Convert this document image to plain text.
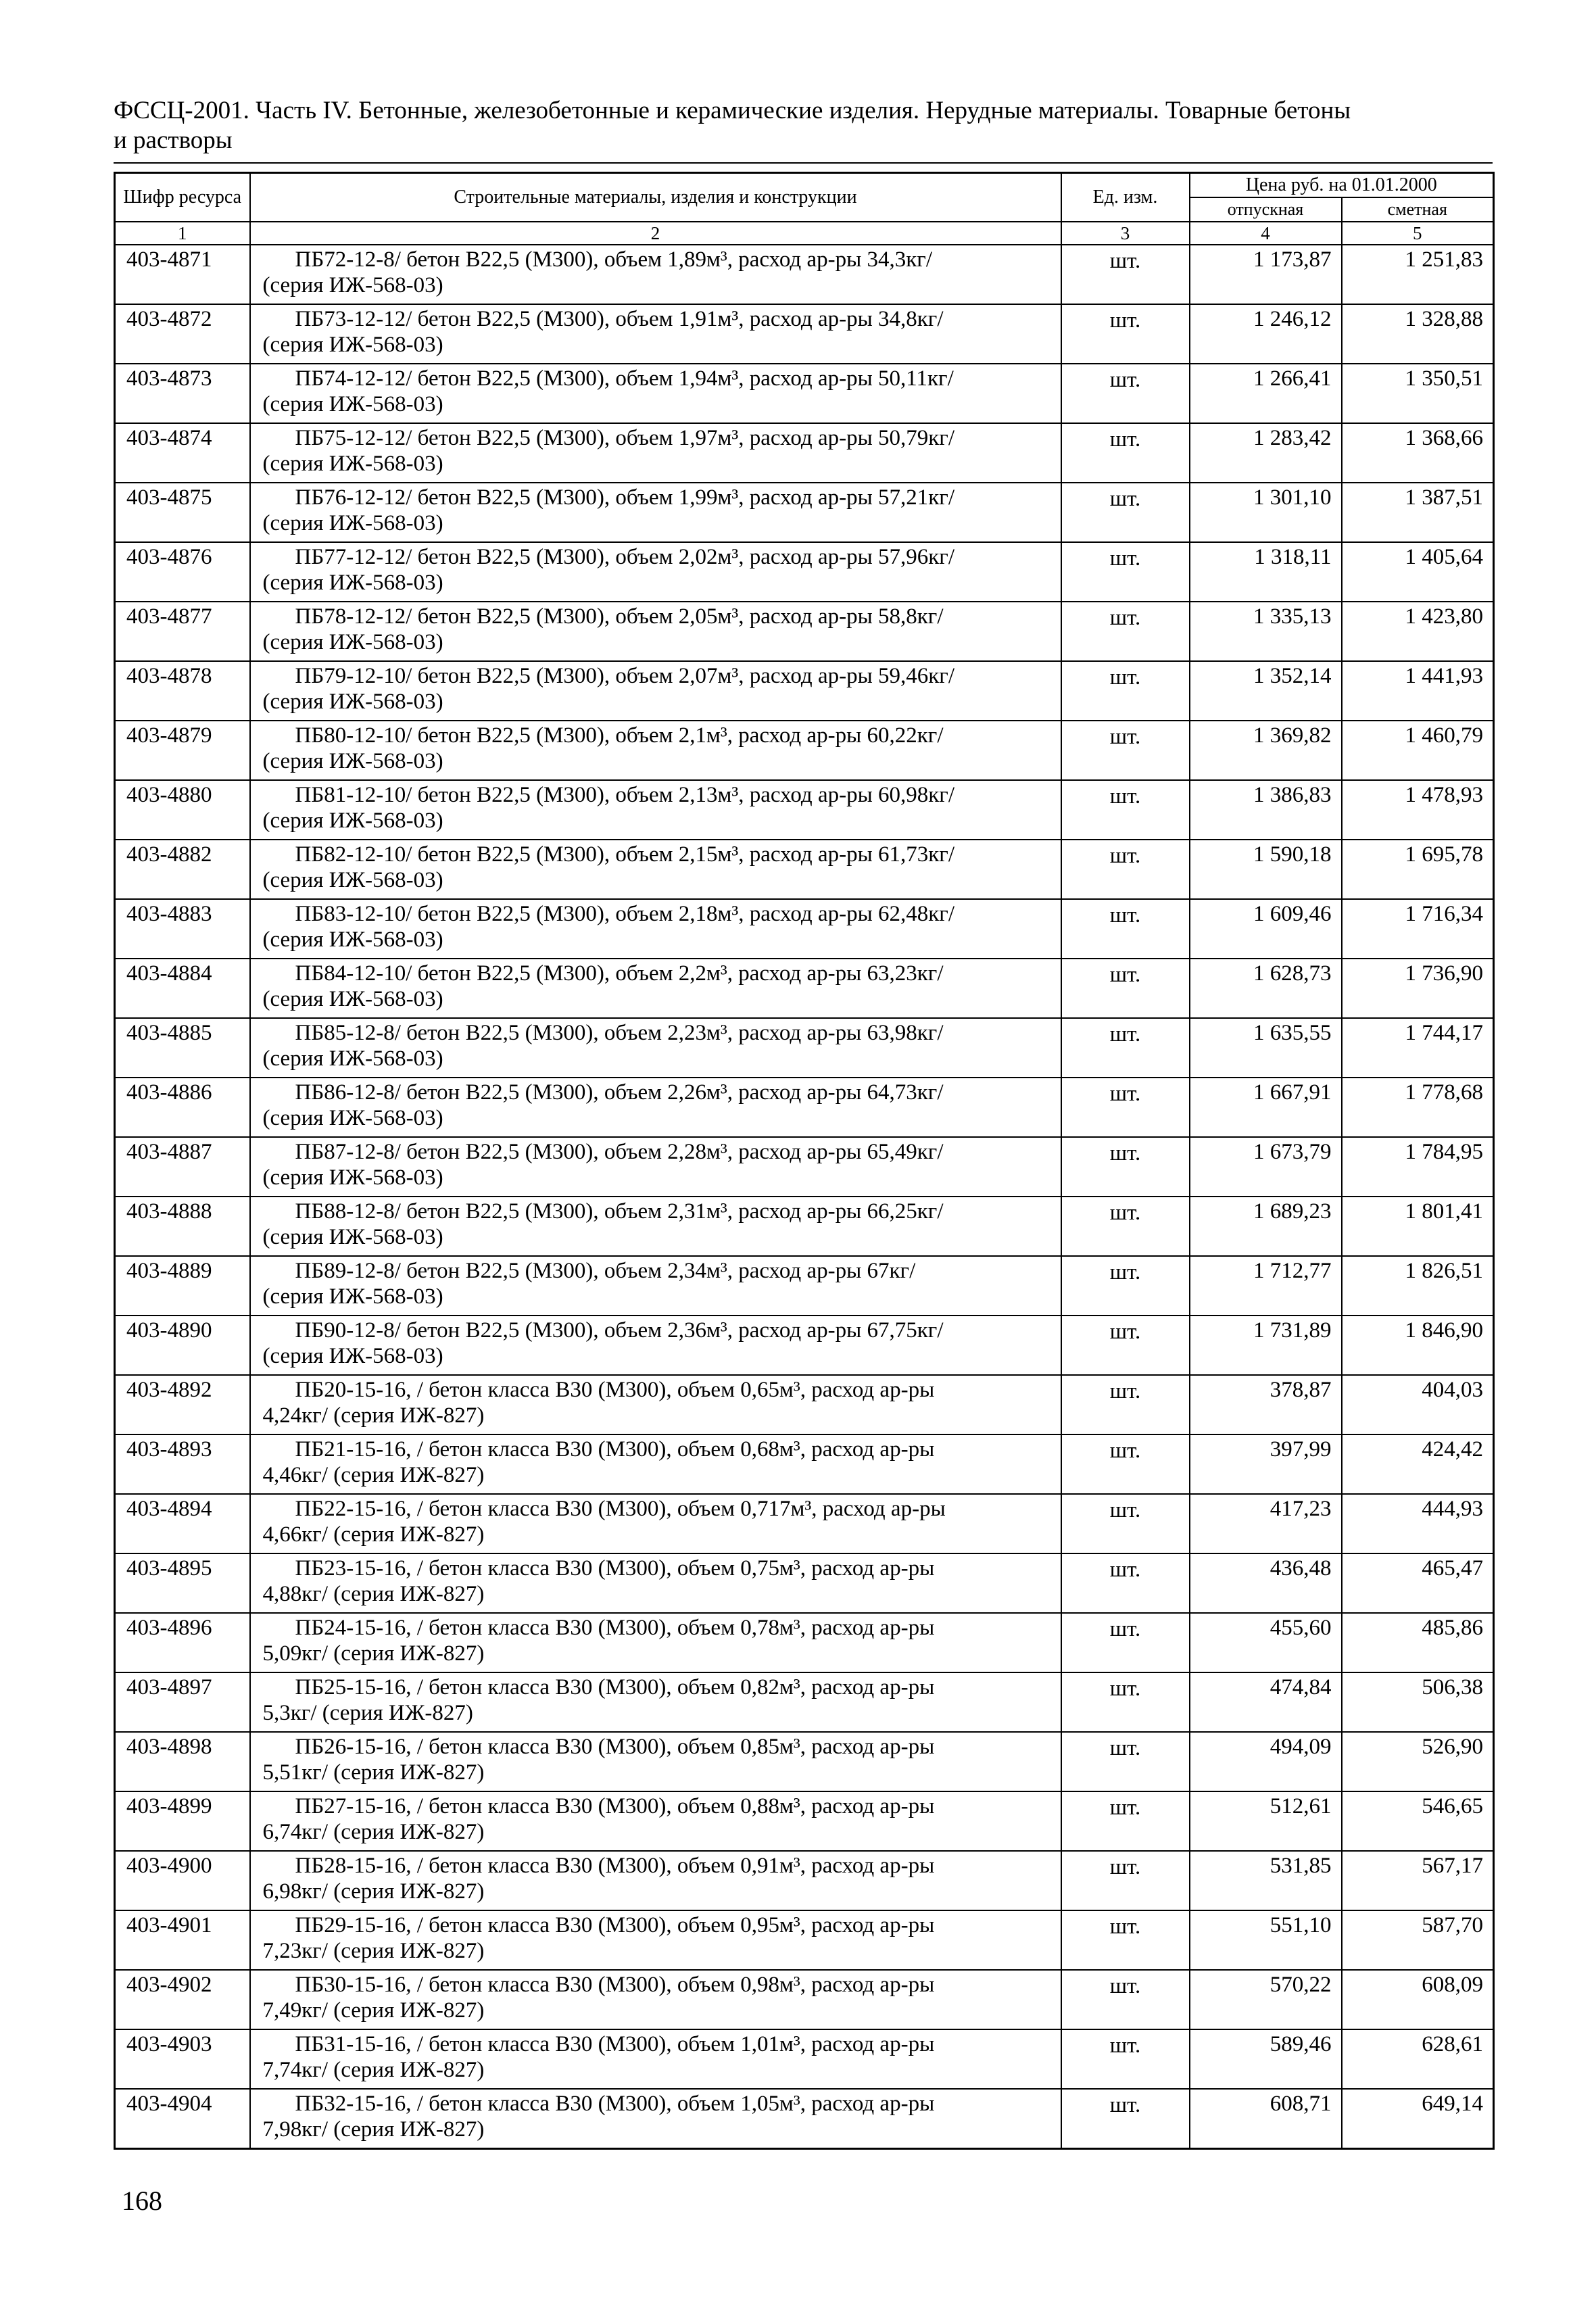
ФССЦ-2001. Часть IV. Бетонные, железобетонные и керамические изделия. Нерудные материалы. Товарные бетоны
и растворы
Шифр ресурса	Строительные материалы, изделия и конструкции	Ед. изм.	Цена руб. на 01.01.2000	
			отпускная	сметная
1	2	3	4	5
403-4871	ПБ72-12-8/ бетон В22,5 (М300), объем 1,89м³, расход ар-ры 34,3кг/
(серия ИЖ-568-03)	шт.	1 173,87	1 251,83
403-4872	ПБ73-12-12/ бетон В22,5 (М300), объем 1,91м³, расход ар-ры 34,8кг/
(серия ИЖ-568-03)	шт.	1 246,12	1 328,88
403-4873	ПБ74-12-12/ бетон В22,5 (М300), объем 1,94м³, расход ар-ры 50,11кг/
(серия ИЖ-568-03)	шт.	1 266,41	1 350,51
403-4874	ПБ75-12-12/ бетон В22,5 (М300), объем 1,97м³, расход ар-ры 50,79кг/
(серия ИЖ-568-03)	шт.	1 283,42	1 368,66
403-4875	ПБ76-12-12/ бетон В22,5 (М300), объем 1,99м³, расход ар-ры 57,21кг/
(серия ИЖ-568-03)	шт.	1 301,10	1 387,51
403-4876	ПБ77-12-12/ бетон В22,5 (М300), объем 2,02м³, расход ар-ры 57,96кг/
(серия ИЖ-568-03)	шт.	1 318,11	1 405,64
403-4877	ПБ78-12-12/ бетон В22,5 (М300), объем 2,05м³, расход ар-ры 58,8кг/
(серия ИЖ-568-03)	шт.	1 335,13	1 423,80
403-4878	ПБ79-12-10/ бетон В22,5 (М300), объем 2,07м³, расход ар-ры 59,46кг/
(серия ИЖ-568-03)	шт.	1 352,14	1 441,93
403-4879	ПБ80-12-10/ бетон В22,5 (М300), объем 2,1м³, расход ар-ры 60,22кг/
(серия ИЖ-568-03)	шт.	1 369,82	1 460,79
403-4880	ПБ81-12-10/ бетон В22,5 (М300), объем 2,13м³, расход ар-ры 60,98кг/
(серия ИЖ-568-03)	шт.	1 386,83	1 478,93
403-4882	ПБ82-12-10/ бетон В22,5 (М300), объем 2,15м³, расход ар-ры 61,73кг/
(серия ИЖ-568-03)	шт.	1 590,18	1 695,78
403-4883	ПБ83-12-10/ бетон В22,5 (М300), объем 2,18м³, расход ар-ры 62,48кг/
(серия ИЖ-568-03)	шт.	1 609,46	1 716,34
403-4884	ПБ84-12-10/ бетон В22,5 (М300), объем 2,2м³, расход ар-ры 63,23кг/
(серия ИЖ-568-03)	шт.	1 628,73	1 736,90
403-4885	ПБ85-12-8/ бетон В22,5 (М300), объем 2,23м³, расход ар-ры 63,98кг/
(серия ИЖ-568-03)	шт.	1 635,55	1 744,17
403-4886	ПБ86-12-8/ бетон В22,5 (М300), объем 2,26м³, расход ар-ры 64,73кг/
(серия ИЖ-568-03)	шт.	1 667,91	1 778,68
403-4887	ПБ87-12-8/ бетон В22,5 (М300), объем 2,28м³, расход ар-ры 65,49кг/
(серия ИЖ-568-03)	шт.	1 673,79	1 784,95
403-4888	ПБ88-12-8/ бетон В22,5 (М300), объем 2,31м³, расход ар-ры 66,25кг/
(серия ИЖ-568-03)	шт.	1 689,23	1 801,41
403-4889	ПБ89-12-8/ бетон В22,5 (М300), объем 2,34м³, расход ар-ры 67кг/
(серия ИЖ-568-03)	шт.	1 712,77	1 826,51
403-4890	ПБ90-12-8/ бетон В22,5 (М300), объем 2,36м³, расход ар-ры 67,75кг/
(серия ИЖ-568-03)	шт.	1 731,89	1 846,90
403-4892	ПБ20-15-16, / бетон класса В30 (М300), объем 0,65м³, расход ар-ры
4,24кг/ (серия ИЖ-827)	шт.	378,87	404,03
403-4893	ПБ21-15-16, / бетон класса В30 (М300), объем 0,68м³, расход ар-ры
4,46кг/ (серия ИЖ-827)	шт.	397,99	424,42
403-4894	ПБ22-15-16, / бетон класса В30 (М300), объем 0,717м³, расход ар-ры
4,66кг/ (серия ИЖ-827)	шт.	417,23	444,93
403-4895	ПБ23-15-16, / бетон класса В30 (М300), объем 0,75м³, расход ар-ры
4,88кг/ (серия ИЖ-827)	шт.	436,48	465,47
403-4896	ПБ24-15-16, / бетон класса В30 (М300), объем 0,78м³, расход ар-ры
5,09кг/ (серия ИЖ-827)	шт.	455,60	485,86
403-4897	ПБ25-15-16, / бетон класса В30 (М300), объем 0,82м³, расход ар-ры
5,3кг/ (серия ИЖ-827)	шт.	474,84	506,38
403-4898	ПБ26-15-16, / бетон класса В30 (М300), объем 0,85м³, расход ар-ры
5,51кг/ (серия ИЖ-827)	шт.	494,09	526,90
403-4899	ПБ27-15-16, / бетон класса В30 (М300), объем 0,88м³, расход ар-ры
6,74кг/ (серия ИЖ-827)	шт.	512,61	546,65
403-4900	ПБ28-15-16, / бетон класса В30 (М300), объем 0,91м³, расход ар-ры
6,98кг/ (серия ИЖ-827)	шт.	531,85	567,17
403-4901	ПБ29-15-16, / бетон класса В30 (М300), объем 0,95м³, расход ар-ры
7,23кг/ (серия ИЖ-827)	шт.	551,10	587,70
403-4902	ПБ30-15-16, / бетон класса В30 (М300), объем 0,98м³, расход ар-ры
7,49кг/ (серия ИЖ-827)	шт.	570,22	608,09
403-4903	ПБ31-15-16, / бетон класса В30 (М300), объем 1,01м³, расход ар-ры
7,74кг/ (серия ИЖ-827)	шт.	589,46	628,61
403-4904	ПБ32-15-16, / бетон класса В30 (М300), объем 1,05м³, расход ар-ры
7,98кг/ (серия ИЖ-827)	шт.	608,71	649,14
168
